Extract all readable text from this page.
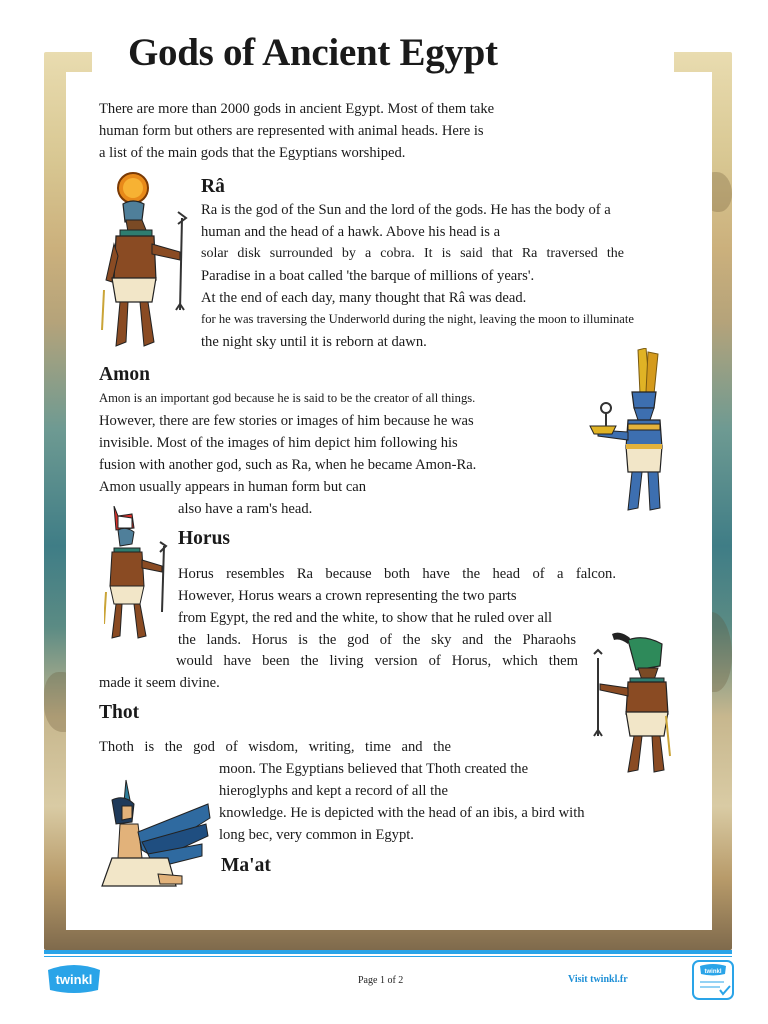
Gods of Ancient Egypt

There are more than 2000 gods in ancient Egypt. Most of them take

human form but others are represented with animal heads. Here is

a list of the main gods that the Egyptians worshiped.

Râ

Ra is the god of the Sun and the lord of the gods. He has the body of a

human and the head of a hawk. Above his head is a

solar disk surrounded by a cobra. It is said that Ra traversed the

Paradise in a boat called 'the barque of millions of years'.

At the end of each day, many thought that Râ was dead.

for he was traversing the Underworld during the night, leaving the moon to illuminate

the night sky until it is reborn at dawn.

Amon

Amon is an important god because he is said to be the creator of all things.

However, there are few stories or images of him because he was

invisible. Most of the images of him depict him following his

fusion with another god, such as Ra, when he became Amon-Ra.

Amon usually appears in human form but can

also have a ram's head.

Horus

Horus resembles Ra because both have the head of a falcon.

However, Horus wears a crown representing the two parts

from Egypt, the red and the white, to show that he ruled over all

the lands. Horus is the god of the sky and the Pharaohs

would have been the living version of Horus, which them

made it seem divine.

Thot

Thoth is the god of wisdom, writing, time and the

moon. The Egyptians believed that Thoth created the

hieroglyphs and kept a record of all the

knowledge. He is depicted with the head of an ibis, a bird with

long bec, very common in Egypt.

Ma'at

twinkl	Page 1 of 2	Visit twinkl.fr
twinkl
